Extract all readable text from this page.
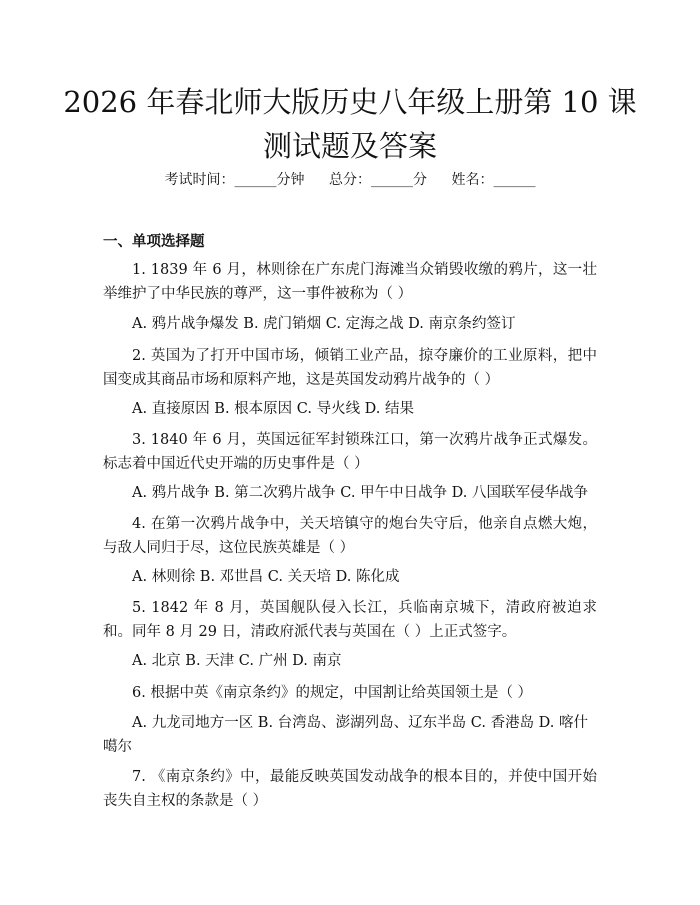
2026 年春北师大版历史八年级上册第 10 课
测试题及答案
考试时间：______分钟 总分：______分 姓名：______
一、单项选择题

1. 1839 年 6 月，林则徐在广东虎门海滩当众销毁收缴的鸦片，这一壮举维护了中华民族的尊严，这一事件被称为（ ）

A. 鸦片战争爆发 B. 虎门销烟 C. 定海之战 D. 南京条约签订

2. 英国为了打开中国市场，倾销工业产品，掠夺廉价的工业原料，把中国变成其商品市场和原料产地，这是英国发动鸦片战争的（ ）

A. 直接原因 B. 根本原因 C. 导火线 D. 结果

3. 1840 年 6 月，英国远征军封锁珠江口，第一次鸦片战争正式爆发。标志着中国近代史开端的历史事件是（ ）

A. 鸦片战争 B. 第二次鸦片战争 C. 甲午中日战争 D. 八国联军侵华战争

4. 在第一次鸦片战争中，关天培镇守的炮台失守后，他亲自点燃大炮，与敌人同归于尽，这位民族英雄是（ ）

A. 林则徐 B. 邓世昌 C. 关天培 D. 陈化成

5. 1842 年 8 月，英国舰队侵入长江，兵临南京城下，清政府被迫求和。同年 8 月 29 日，清政府派代表与英国在（ ）上正式签字。

A. 北京 B. 天津 C. 广州 D. 南京

6. 根据中英《南京条约》的规定，中国割让给英国领土是（ ）

A. 九龙司地方一区 B. 台湾岛、澎湖列岛、辽东半岛 C. 香港岛 D. 喀什噶尔

7. 《南京条约》中，最能反映英国发动战争的根本目的，并使中国开始丧失自主权的条款是（ ）
